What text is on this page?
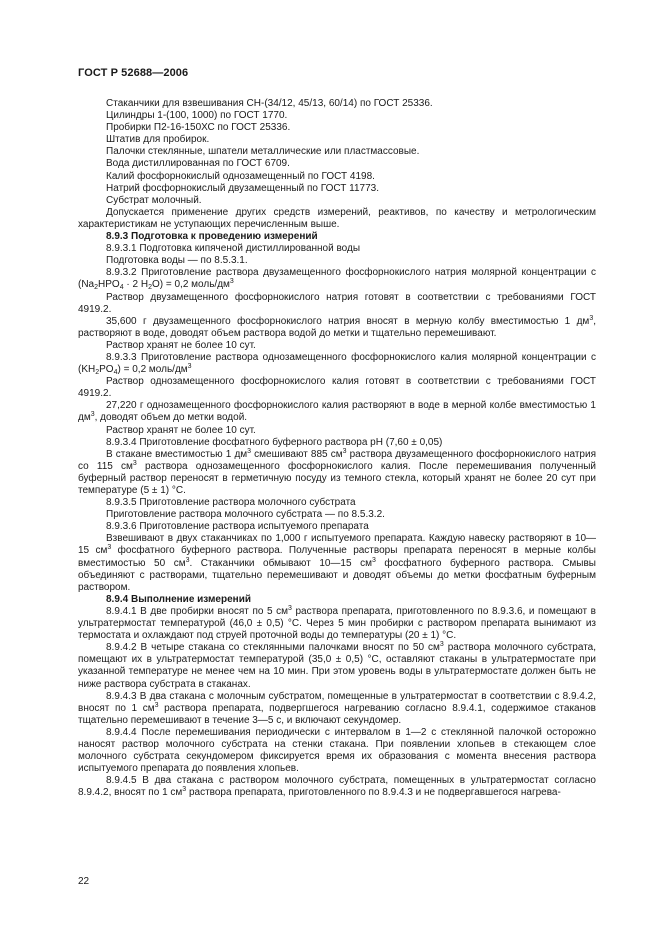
ГОСТ Р 52688—2006

Стаканчики для взвешивания СН-(34/12, 45/13, 60/14) по ГОСТ 25336.

Цилиндры 1-(100, 1000) по ГОСТ 1770.

Пробирки П2-16-150ХС по ГОСТ 25336.

Штатив для пробирок.

Палочки стеклянные, шпатели металлические или пластмассовые.

Вода дистиллированная по ГОСТ 6709.

Калий фосфорнокислый однозамещенный по ГОСТ 4198.

Натрий фосфорнокислый двузамещенный по ГОСТ 11773.

Субстрат молочный.

Допускается применение других средств измерений, реактивов, по качеству и метрологическим характеристикам не уступающих перечисленным выше.

8.9.3 Подготовка к проведению измерений

8.9.3.1 Подготовка кипяченой дистиллированной воды

Подготовка воды — по 8.5.3.1.

8.9.3.2 Приготовление раствора двузамещенного фосфорнокислого натрия молярной концентрации с ($Na_2HPO_4 \cdot 2$ $H_2O) = 0,2$ моль/$дм^3$

Раствор двузамещенного фосфорнокислого натрия готовят в соответствии с требованиями ГОСТ 4919.2.

35,600 г двузамещенного фосфорнокислого натрия вносят в мерную колбу вместимостью 1 $дм^3$, растворяют в воде, доводят объем раствора водой до метки и тщательно перемешивают.

Раствор хранят не более 10 сут.

8.9.3.3 Приготовление раствора однозамещенного фосфорнокислого калия молярной концентрации с $(KH_2PO_4) = 0,2$ моль/$дм^3$

Раствор однозамещенного фосфорнокислого калия готовят в соответствии с требованиями ГОСТ 4919.2.

27,220 г однозамещенного фосфорнокислого калия растворяют в воде в мерной колбе вместимостью 1 $дм^3$, доводят объем до метки водой.

Раствор хранят не более 10 сут.

8.9.3.4 Приготовление фосфатного буферного раствора pH (7,60 ± 0,05)

В стакане вместимостью 1 $дм^3$ смешивают 885 $см^3$ раствора двузамещенного фосфорнокислого натрия со 115 $см^3$ раствора однозамещенного фосфорнокислого калия. После перемешивания полученный буферный раствор переносят в герметичную посуду из темного стекла, который хранят не более 20 сут при температуре (5 ± 1) °С.

8.9.3.5 Приготовление раствора молочного субстрата

Приготовление раствора молочного субстрата — по 8.5.3.2.

8.9.3.6 Приготовление раствора испытуемого препарата

Взвешивают в двух стаканчиках по 1,000 г испытуемого препарата. Каждую навеску растворяют в 10—15 $см^3$ фосфатного буферного раствора. Полученные растворы препарата переносят в мерные колбы вместимостью 50 $см^3$. Стаканчики обмывают 10—15 $см^3$ фосфатного буферного раствора. Смывы объединяют с растворами, тщательно перемешивают и доводят объемы до метки фосфатным буферным раствором.

8.9.4 Выполнение измерений

8.9.4.1 В две пробирки вносят по 5 $см^3$ раствора препарата, приготовленного по 8.9.3.6, и помещают в ультратермостат температурой (46,0 ± 0,5) °С. Через 5 мин пробирки с раствором препарата вынимают из термостата и охлаждают под струей проточной воды до температуры (20 ± 1) °С.

8.9.4.2 В четыре стакана со стеклянными палочками вносят по 50 $см^3$ раствора молочного субстрата, помещают их в ультратермостат температурой (35,0 ± 0,5) °С, оставляют стаканы в ультратермостате при указанной температуре не менее чем на 10 мин. При этом уровень воды в ультратермостате должен быть не ниже раствора субстрата в стаканах.

8.9.4.3 В два стакана с молочным субстратом, помещенные в ультратермостат в соответствии с 8.9.4.2, вносят по 1 $см^3$ раствора препарата, подвергшегося нагреванию согласно 8.9.4.1, содержимое стаканов тщательно перемешивают в течение 3—5 с, и включают секундомер.

8.9.4.4 После перемешивания периодически с интервалом в 1—2 с стеклянной палочкой осторожно наносят раствор молочного субстрата на стенки стакана. При появлении хлопьев в стекающем слое молочного субстрата секундомером фиксируется время их образования с момента внесения раствора испытуемого препарата до появления хлопьев.

8.9.4.5 В два стакана с раствором молочного субстрата, помещенных в ультратермостат согласно 8.9.4.2, вносят по 1 $см^3$ раствора препарата, приготовленного по 8.9.4.3 и не подвергавшегося нагрева-

22
